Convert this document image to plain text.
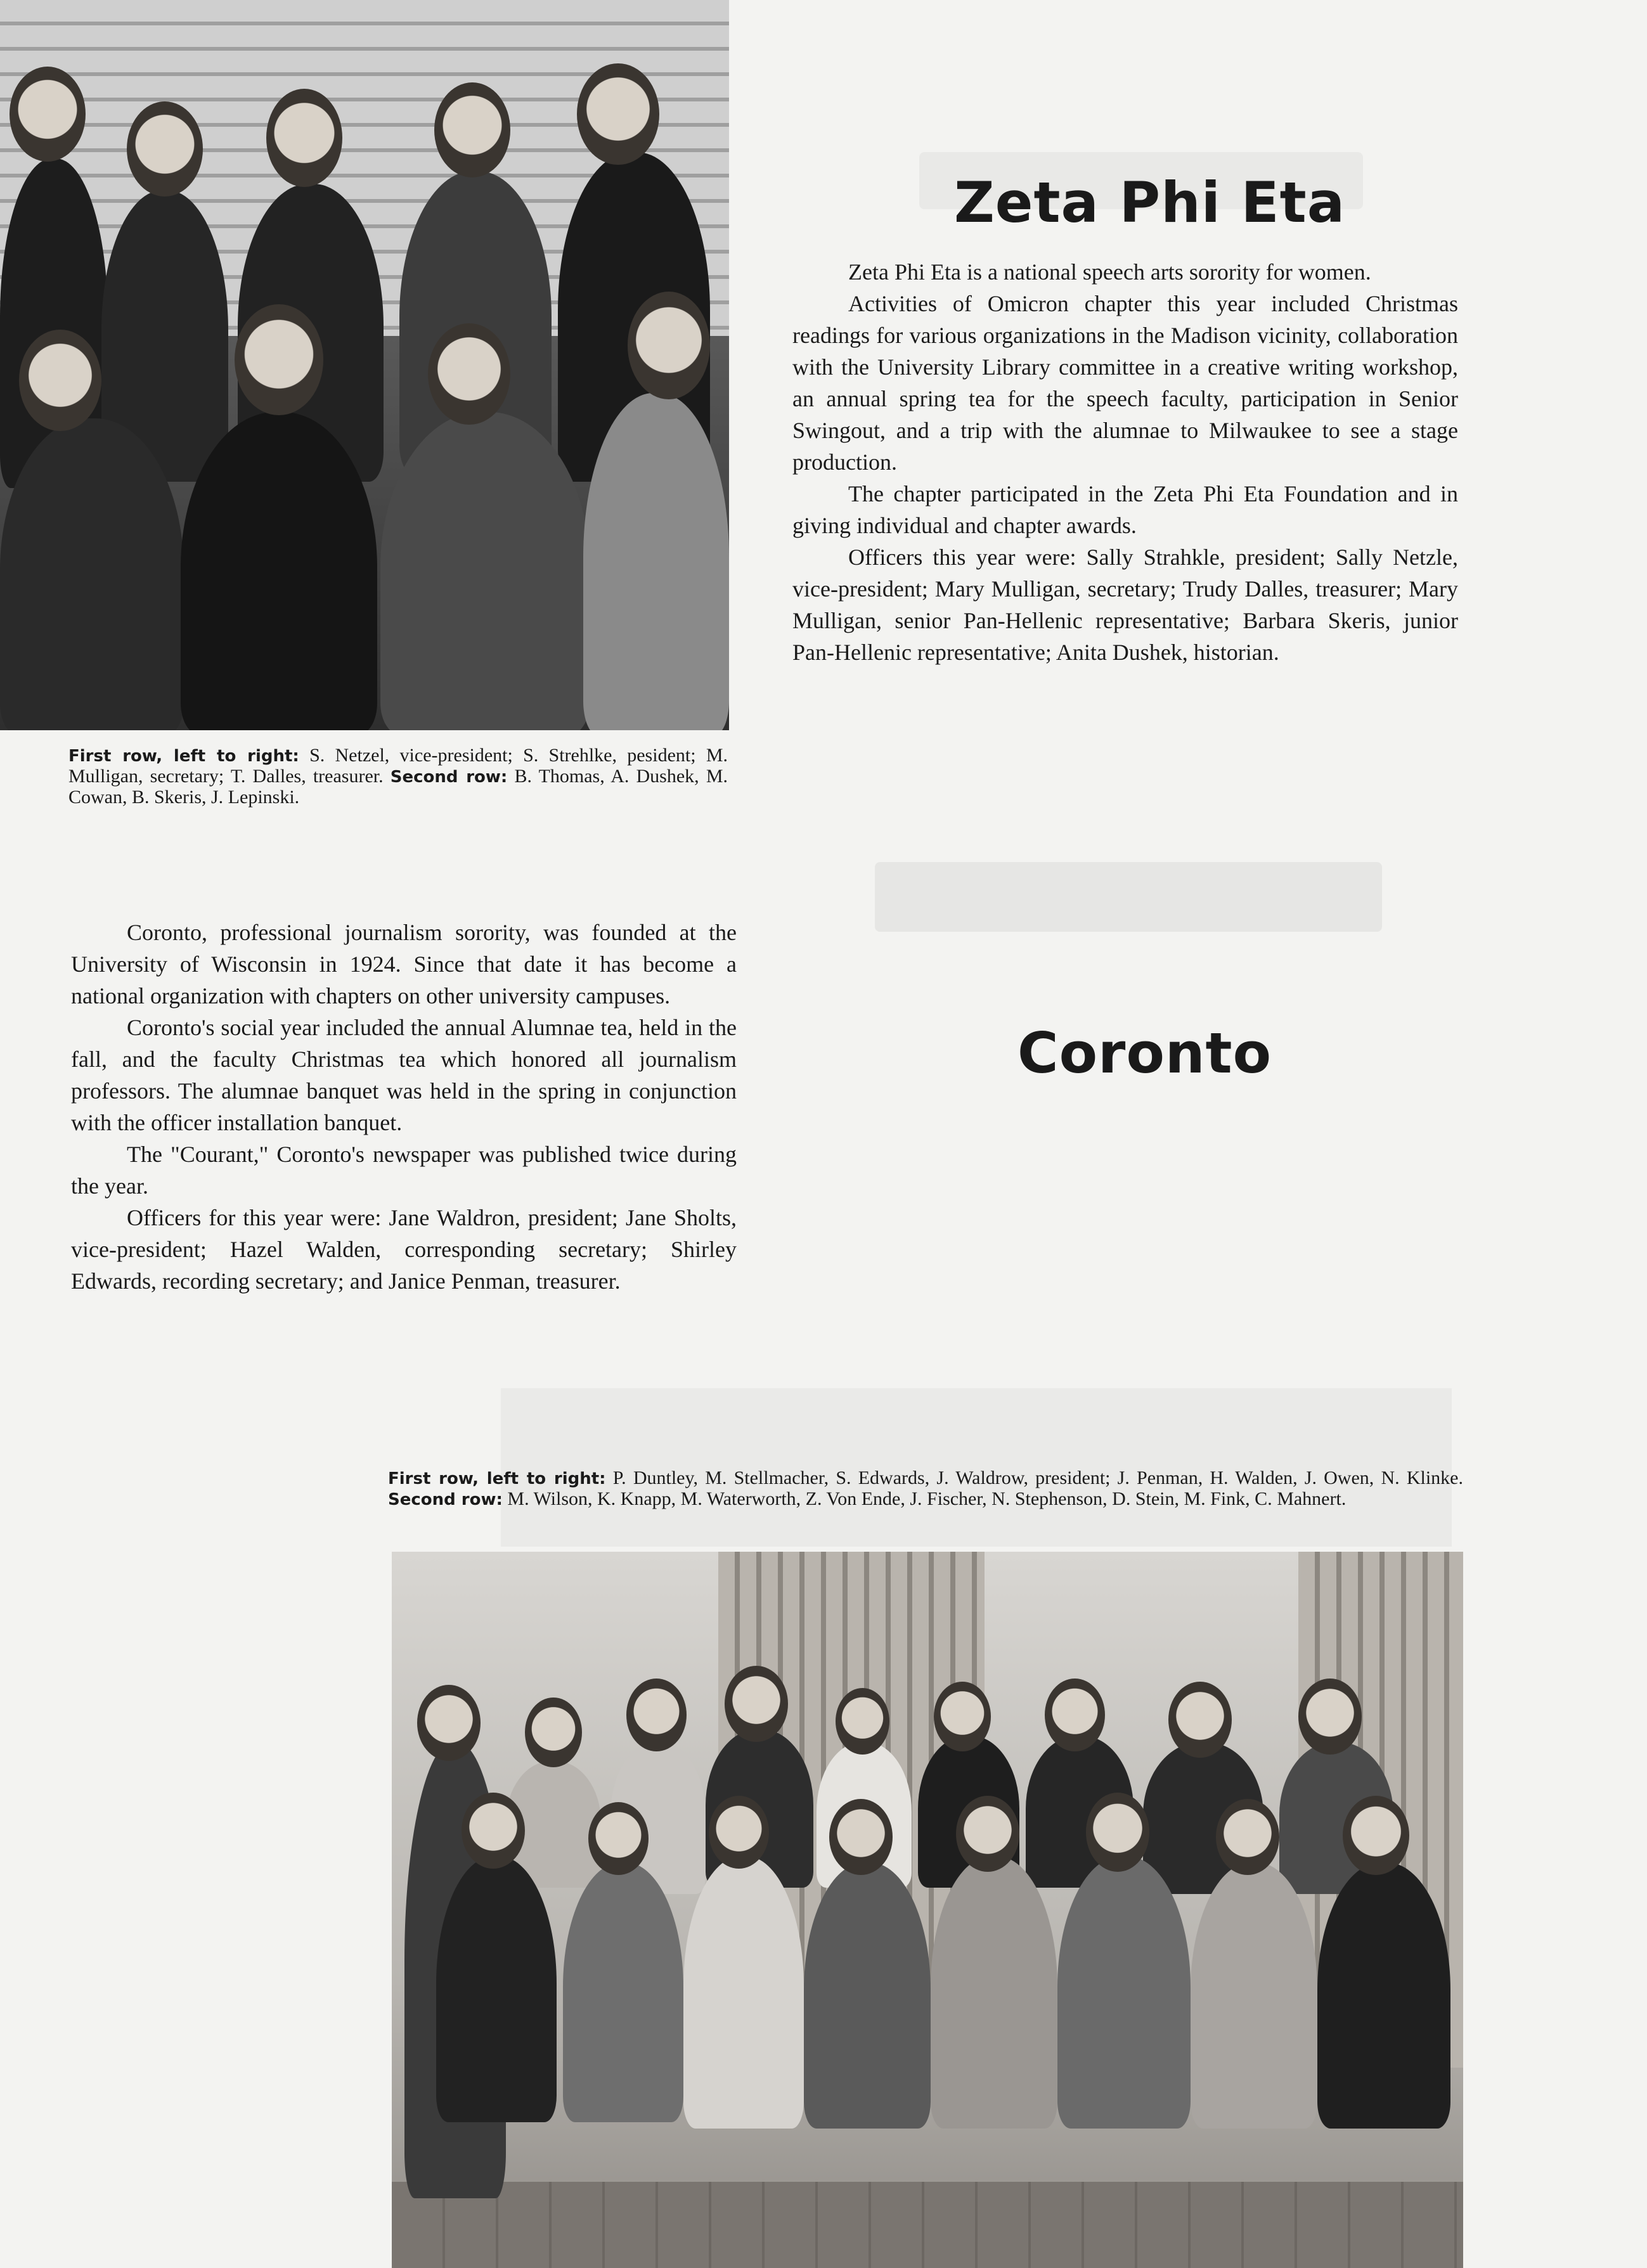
First row, left to right: S. Netzel, vice-president; S. Strehlke, pesident; M. Mulligan, secretary; T. Dalles, treasurer. Second row: B. Thomas, A. Dushek, M. Cowan, B. Skeris, J. Lepinski.
Zeta Phi Eta

Zeta Phi Eta is a national speech arts sorority for women.

Activities of Omicron chapter this year included Christmas readings for various organizations in the Madison vicinity, collaboration with the University Library committee in a creative writing workshop, an annual spring tea for the speech faculty, participation in Senior Swingout, and a trip with the alumnae to Milwaukee to see a stage production.

The chapter participated in the Zeta Phi Eta Foundation and in giving individual and chapter awards.

Officers this year were: Sally Strahkle, president; Sally Netzle, vice-president; Mary Mulligan, secretary; Trudy Dalles, treasurer; Mary Mulligan, senior Pan-Hellenic representative; Barbara Skeris, junior Pan-Hellenic representative; Anita Dushek, historian.

Coronto

Coronto, professional journalism sorority, was founded at the University of Wisconsin in 1924. Since that date it has become a national organization with chapters on other university campuses.

Coronto's social year included the annual Alumnae tea, held in the fall, and the faculty Christmas tea which honored all journalism professors. The alumnae banquet was held in the spring in conjunction with the officer installation banquet.

The "Courant," Coronto's newspaper was published twice during the year.

Officers for this year were: Jane Waldron, president; Jane Sholts, vice-president; Hazel Walden, corresponding secretary; Shirley Edwards, recording secretary; and Janice Penman, treasurer.

First row, left to right: P. Duntley, M. Stellmacher, S. Edwards, J. Waldrow, president; J. Penman, H. Walden, J. Owen, N. Klinke. Second row: M. Wilson, K. Knapp, M. Waterworth, Z. Von Ende, J. Fischer, N. Stephenson, D. Stein, M. Fink, C. Mahnert.
